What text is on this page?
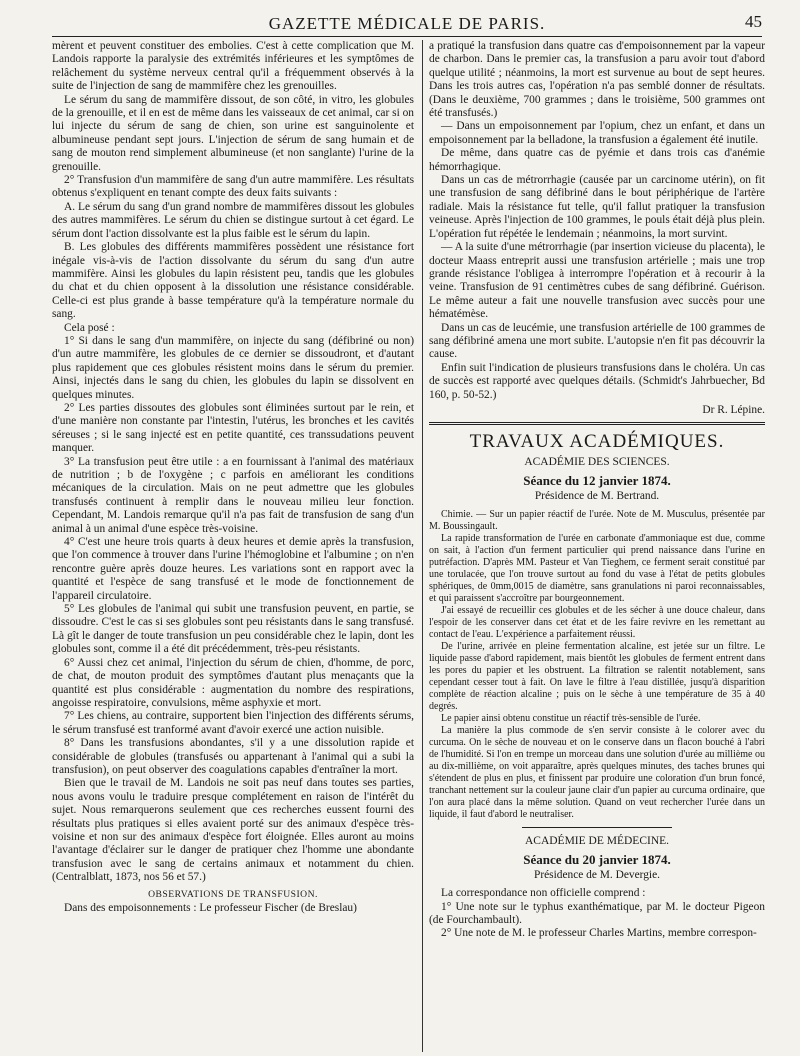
GAZETTE MÉDICALE DE PARIS.	45

mèrent et peuvent constituer des embolies. C'est à cette complication que M. Landois rapporte la paralysie des extrémités inférieures et les symptômes de relâchement du système nerveux central qu'il a fréquemment observés à la suite de l'injection de sang de mammifère chez les grenouilles.

Le sérum du sang de mammifère dissout, de son côté, in vitro, les globules de la grenouille, et il en est de même dans les vaisseaux de cet animal, car si on lui injecte du sérum de sang de chien, son urine est sanguinolente et albumineuse pendant sept jours. L'injection de sérum de sang humain et de sang de mouton rend simplement albumineuse (et non sanglante) l'urine de la grenouille.

2° Transfusion d'un mammifère de sang d'un autre mammifère. Les résultats obtenus s'expliquent en tenant compte des deux faits suivants :

A. Le sérum du sang d'un grand nombre de mammifères dissout les globules des autres mammifères. Le sérum du chien se distingue surtout à cet égard. Le sérum dont l'action dissolvante est la plus faible est le sérum du lapin.

B. Les globules des différents mammifères possèdent une résistance fort inégale vis-à-vis de l'action dissolvante du sérum du sang d'un autre mammifère. Ainsi les globules du lapin résistent peu, tandis que les globules du chat et du chien opposent à la dissolution une résistance considérable. Celle-ci est plus grande à basse température qu'à la température normale du sang.

Cela posé :

1° Si dans le sang d'un mammifère, on injecte du sang (défibriné ou non) d'un autre mammifère, les globules de ce dernier se dissoudront, et d'autant plus rapidement que ces globules résistent moins dans le sérum du premier. Ainsi, injectés dans le sang du chien, les globules du lapin se dissolvent en quelques minutes.

2° Les parties dissoutes des globules sont éliminées surtout par le rein, et d'une manière non constante par l'intestin, l'utérus, les bronches et les cavités séreuses ; si le sang injecté est en petite quantité, ces transsudations peuvent manquer.

3° La transfusion peut être utile : a en fournissant à l'animal des matériaux de nutrition ; b de l'oxygène ; c parfois en améliorant les conditions mécaniques de la circulation. Mais on ne peut admettre que les globules transfusés continuent à remplir dans le nouveau milieu leur fonction. Cependant, M. Landois remarque qu'il n'a pas fait de transfusion de sang d'un animal à un animal d'une espèce très-voisine.

4° C'est une heure trois quarts à deux heures et demie après la transfusion, que l'on commence à trouver dans l'urine l'hémoglobine et l'albumine ; on n'en rencontre guère après douze heures. Les variations sont en rapport avec la quantité et l'espèce de sang transfusé et le mode de fonctionnement de l'appareil circulatoire.

5° Les globules de l'animal qui subit une transfusion peuvent, en partie, se dissoudre. C'est le cas si ses globules sont peu résistants dans le sang transfusé. Là gît le danger de toute transfusion un peu considérable chez le lapin, dont les globules sont, comme il a été dit précédemment, très-peu résistants.

6° Aussi chez cet animal, l'injection du sérum de chien, d'homme, de porc, de chat, de mouton produit des symptômes d'autant plus menaçants que la quantité est plus considérable : augmentation du nombre des respirations, angoisse respiratoire, convulsions, même asphyxie et mort.

7° Les chiens, au contraire, supportent bien l'injection des différents sérums, le sérum transfusé est tranformé avant d'avoir exercé une action nuisible.

8° Dans les transfusions abondantes, s'il y a une dissolution rapide et considérable de globules (transfusés ou appartenant à l'animal qui a subi la transfusion), on peut observer des coagulations capables d'entraîner la mort.

Bien que le travail de M. Landois ne soit pas neuf dans toutes ses parties, nous avons voulu le traduire presque complétement en raison de l'intérêt du sujet. Nous remarquerons seulement que ces recherches eussent fourni des résultats plus pratiques si elles avaient porté sur des animaux d'espèce très-voisine et non sur des animaux d'espèce fort éloignée. Elles auront au moins l'avantage d'éclairer sur le danger de pratiquer chez l'homme une abondante transfusion avec le sang de certains animaux et notamment du chien. (Centralblatt, 1873, nos 56 et 57.)

OBSERVATIONS DE TRANSFUSION.

Dans des empoisonnements : Le professeur Fischer (de Breslau)

a pratiqué la transfusion dans quatre cas d'empoisonnement par la vapeur de charbon. Dans le premier cas, la transfusion a paru avoir tout d'abord quelque utilité ; néanmoins, la mort est survenue au bout de sept heures. Dans les trois autres cas, l'opération n'a pas semblé donner de résultats. (Dans le deuxième, 700 grammes ; dans le troisième, 500 grammes ont été transfusés.)

— Dans un empoisonnement par l'opium, chez un enfant, et dans un empoisonnement par la belladone, la transfusion a également été inutile.

De même, dans quatre cas de pyémie et dans trois cas d'anémie hémorrhagique.

Dans un cas de métrorrhagie (causée par un carcinome utérin), on fit une transfusion de sang défibriné dans le bout périphérique de l'artère radiale. Mais la résistance fut telle, qu'il fallut pratiquer la transfusion veineuse. Après l'injection de 100 grammes, le pouls était déjà plus plein. L'opération fut répétée le lendemain ; néanmoins, la mort survint.

— A la suite d'une métrorrhagie (par insertion vicieuse du placenta), le docteur Maass entreprit aussi une transfusion artérielle ; mais une trop grande résistance l'obligea à interrompre l'opération et à recourir à la veine. Transfusion de 91 centimètres cubes de sang défibriné. Guérison. Le même auteur a fait une nouvelle transfusion avec succès pour une hématémèse.

Dans un cas de leucémie, une transfusion artérielle de 100 grammes de sang défibriné amena une mort subite. L'autopsie n'en fit pas découvrir la cause.

Enfin suit l'indication de plusieurs transfusions dans le choléra. Un cas de succès est rapporté avec quelques détails. (Schmidt's Jahrbuecher, Bd 160, p. 50-52.)

Dr R. Lépine.
TRAVAUX ACADÉMIQUES.
ACADÉMIE DES SCIENCES.
Séance du 12 janvier 1874.
Présidence de M. Bertrand.

Chimie. — Sur un papier réactif de l'urée. Note de M. Musculus, présentée par M. Boussingault.

La rapide transformation de l'urée en carbonate d'ammoniaque est due, comme on sait, à l'action d'un ferment particulier qui prend naissance dans l'urine en putréfaction. D'après MM. Pasteur et Van Tieghem, ce ferment serait constitué par une torulacée, que l'on trouve surtout au fond du vase à l'état de petits globules sphériques, de 0mm,0015 de diamètre, sans granulations ni paroi reconnaissables, et qui paraissent s'accroître par bourgeonnement.

J'ai essayé de recueillir ces globules et de les sécher à une douce chaleur, dans l'espoir de les conserver dans cet état et de les faire revivre en les remettant au contact de l'eau. L'expérience a parfaitement réussi.

De l'urine, arrivée en pleine fermentation alcaline, est jetée sur un filtre. Le liquide passe d'abord rapidement, mais bientôt les globules de ferment entrent dans les pores du papier et les obstruent. La filtration se ralentit notablement, sans cependant cesser tout à fait. On lave le filtre à l'eau distillée, jusqu'à disparition complète de réaction alcaline ; puis on le sèche à une température de 35 à 40 degrés.

Le papier ainsi obtenu constitue un réactif très-sensible de l'urée.

La manière la plus commode de s'en servir consiste à le colorer avec du curcuma. On le sèche de nouveau et on le conserve dans un flacon bouché à l'abri de l'humidité. Si l'on en trempe un morceau dans une solution d'urée au millième ou au dix-millième, on voit apparaître, après quelques minutes, des taches brunes qui s'étendent de plus en plus, et finissent par produire une coloration d'un brun foncé, tranchant nettement sur la couleur jaune clair d'un papier au curcuma ordinaire, que l'on aura placé dans la même solution. Quand on veut rechercher l'urée dans un liquide, il faut d'abord le neutraliser.

ACADÉMIE DE MÉDECINE.
Séance du 20 janvier 1874.
Présidence de M. Devergie.

La correspondance non officielle comprend :

1° Une note sur le typhus exanthématique, par M. le docteur Pigeon (de Fourchambault).

2° Une note de M. le professeur Charles Martins, membre correspon-
